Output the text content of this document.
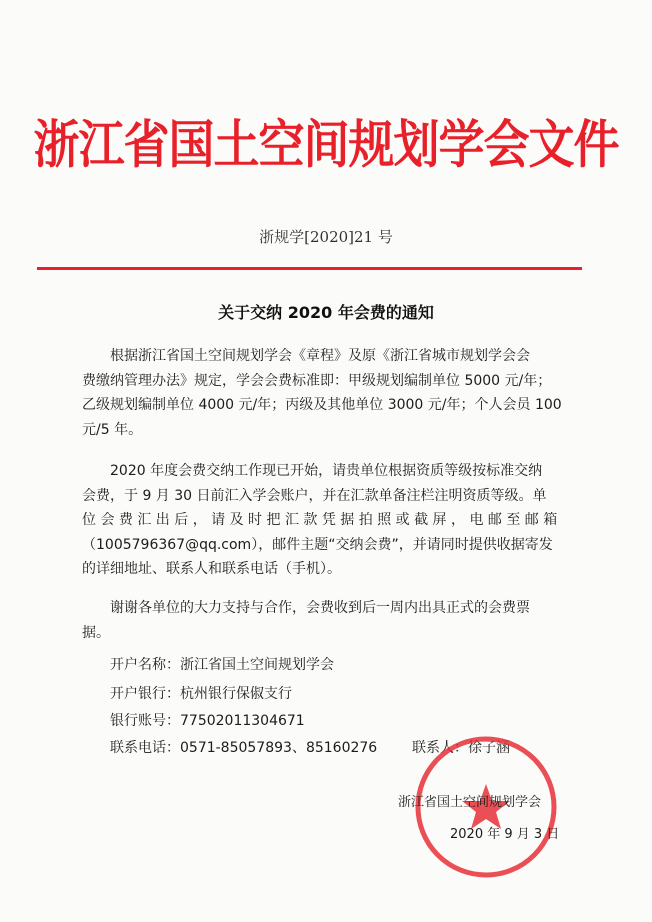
浙江省国土空间规划学会文件
浙规学[2020]21 号
关于交纳 2020 年会费的通知

根据浙江省国土空间规划学会《章程》及原《浙江省城市规划学会会

费缴纳管理办法》规定，学会会费标准即：甲级规划编制单位 5000 元/年；

乙级规划编制单位 4000 元/年；丙级及其他单位 3000 元/年；个人会员 100

元/5 年。

2020 年度会费交纳工作现已开始，请贵单位根据资质等级按标准交纳

会费，于 9 月 30 日前汇入学会账户，并在汇款单备注栏注明资质等级。单

位 会 费 汇 出 后 ， 请 及 时 把 汇 款 凭 据 拍 照 或 截 屏 ， 电 邮 至 邮 箱

（1005796367@qq.com），邮件主题“交纳会费”，并请同时提供收据寄发

的详细地址、联系人和联系电话（手机）。

谢谢各单位的大力支持与合作，会费收到后一周内出具正式的会费票

据。

开户名称：浙江省国土空间规划学会
开户银行：杭州银行保俶支行
银行账号：77502011304671
联系电话：0571-85057893、85160276 联系人：徐子涵
浙江省国土空间规划学会
2020 年 9 月 3 日
